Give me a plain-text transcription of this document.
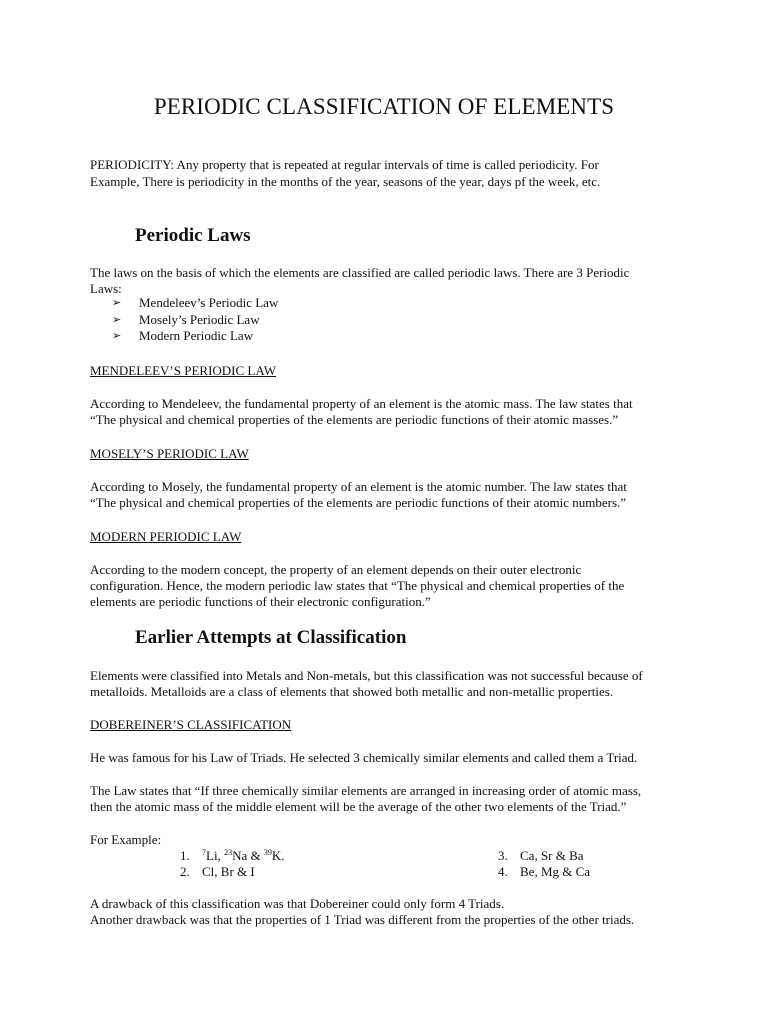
PERIODIC CLASSIFICATION OF ELEMENTS

PERIODICITY: Any property that is repeated at regular intervals of time is called periodicity. For

Example, There is periodicity in the months of the year, seasons of the year, days pf the week, etc.

Periodic Laws

The laws on the basis of which the elements are classified are called periodic laws. There are 3 Periodic

Laws:

➢	Mendeleev’s Periodic Law
➢	Mosely’s Periodic Law
➢	Modern Periodic Law

MENDELEEV’S PERIODIC LAW

According to Mendeleev, the fundamental property of an element is the atomic mass. The law states that

“The physical and chemical properties of the elements are periodic functions of their atomic masses.”

MOSELY’S PERIODIC LAW

According to Mosely, the fundamental property of an element is the atomic number. The law states that

“The physical and chemical properties of the elements are periodic functions of their atomic numbers.”

MODERN PERIODIC LAW

According to the modern concept, the property of an element depends on their outer electronic

configuration. Hence, the modern periodic law states that “The physical and chemical properties of the

elements are periodic functions of their electronic configuration.”

Earlier Attempts at Classification

Elements were classified into Metals and Non-metals, but this classification was not successful because of

metalloids. Metalloids are a class of elements that showed both metallic and non-metallic properties.

DOBEREINER’S CLASSIFICATION

He was famous for his Law of Triads. He selected 3 chemically similar elements and called them a Triad.

The Law states that “If three chemically similar elements are arranged in increasing order of atomic mass,

then the atomic mass of the middle element will be the average of the other two elements of the Triad.”

For Example:

1. $^7$Li, $^{23}$Na & $^{39}$K.

2. Cl, Br & I

3. Ca, Sr & Ba

4. Be, Mg & Ca

A drawback of this classification was that Dobereiner could only form 4 Triads.

Another drawback was that the properties of 1 Triad was different from the properties of the other triads.
